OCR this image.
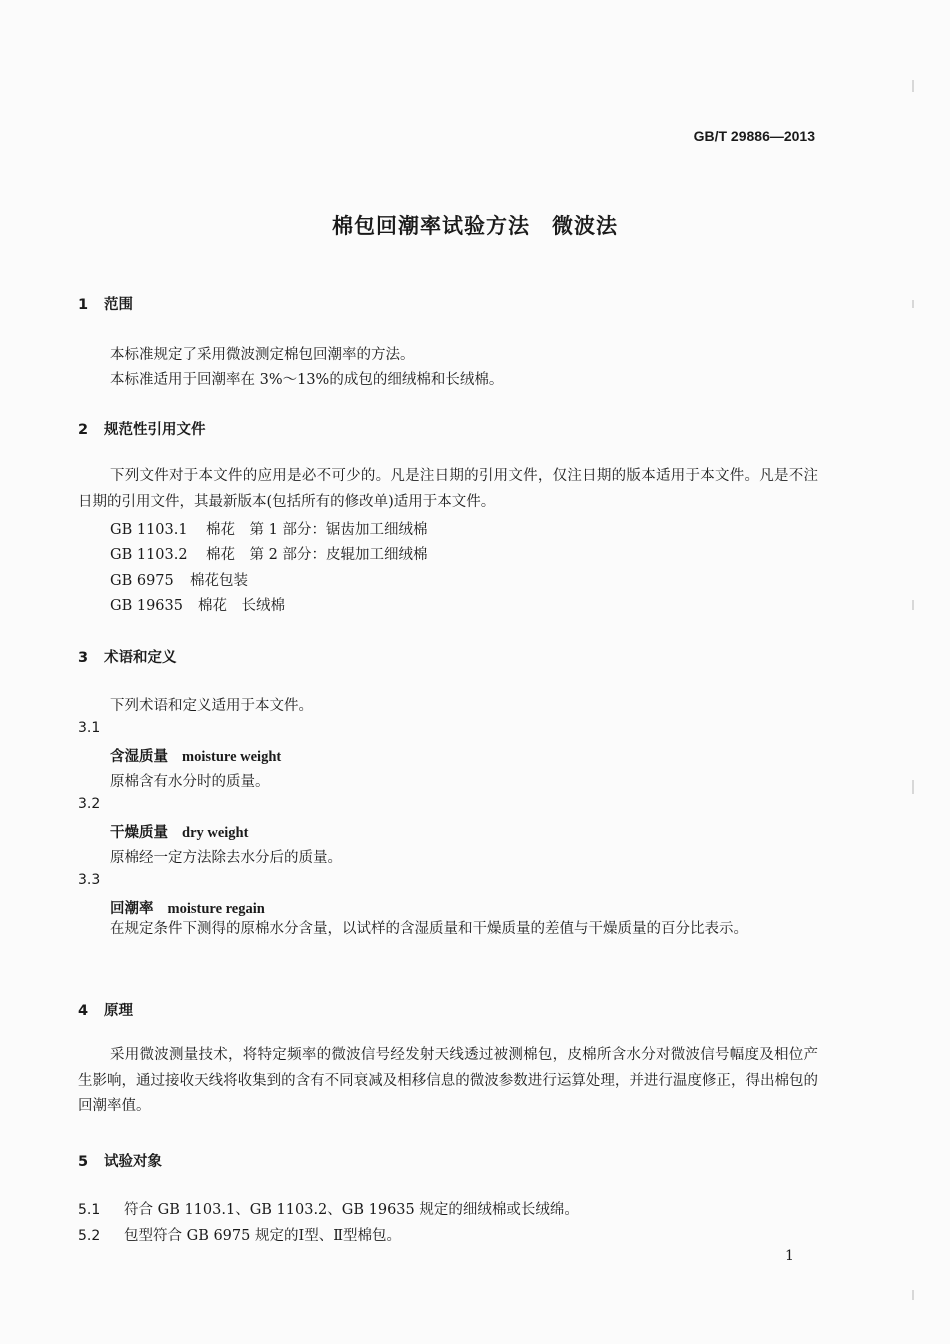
GB/T 29886—2013
棉包回潮率试验方法　微波法
1 范围
本标准规定了采用微波测定棉包回潮率的方法。
本标准适用于回潮率在 3%～13%的成包的细绒棉和长绒棉。
2 规范性引用文件
下列文件对于本文件的应用是必不可少的。凡是注日期的引用文件，仅注日期的版本适用于本文件。凡是不注日期的引用文件，其最新版本(包括所有的修改单)适用于本文件。
GB 1103.1 棉花　第 1 部分：锯齿加工细绒棉
GB 1103.2 棉花　第 2 部分：皮辊加工细绒棉
GB 6975 棉花包装
GB 19635 棉花　长绒棉
3 术语和定义
下列术语和定义适用于本文件。
3.1
含湿质量 moisture weight
原棉含有水分时的质量。
3.2
干燥质量 dry weight
原棉经一定方法除去水分后的质量。
3.3
回潮率 moisture regain
在规定条件下测得的原棉水分含量，以试样的含湿质量和干燥质量的差值与干燥质量的百分比表示。
4 原理
采用微波测量技术，将特定频率的微波信号经发射天线透过被测棉包，皮棉所含水分对微波信号幅度及相位产生影响，通过接收天线将收集到的含有不同衰减及相移信息的微波参数进行运算处理，并进行温度修正，得出棉包的回潮率值。
5 试验对象
5.1 符合 GB 1103.1、GB 1103.2、GB 19635 规定的细绒棉或长绒绵。
5.2 包型符合 GB 6975 规定的Ⅰ型、Ⅱ型棉包。
1
